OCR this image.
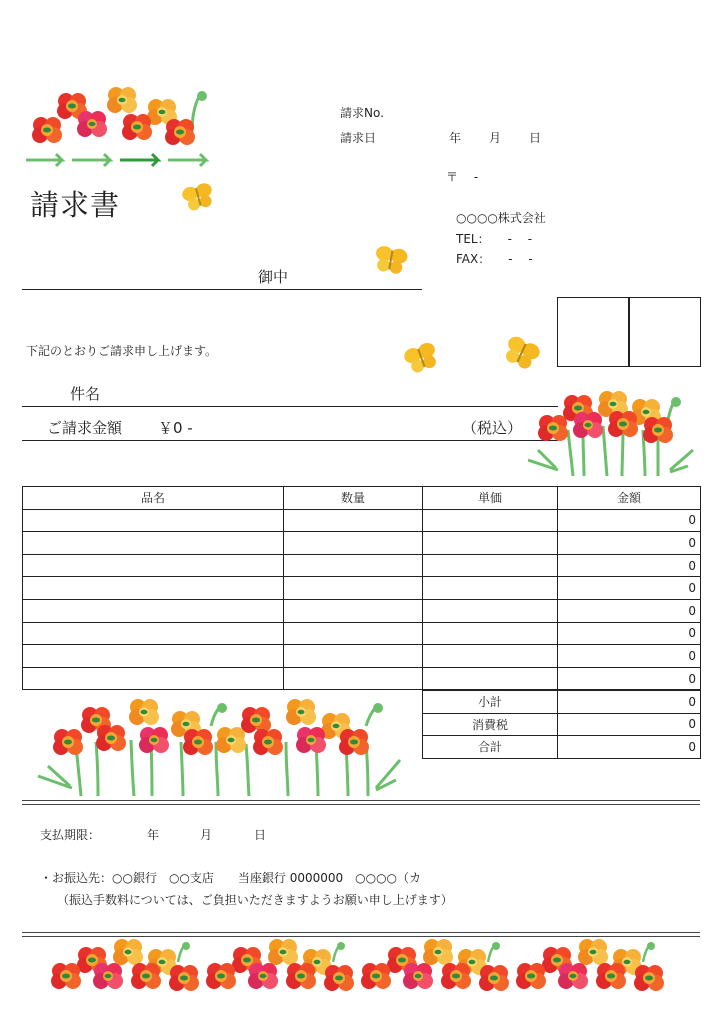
請求書
請求No.
請求日	年 月 日
〒　 -
○○○○株式会社
TEL：　　-　 -
FAX：　　-　 -
御中
下記のとおりご請求申し上げます。
件名
ご請求金額 ￥0 -	（税込）
品名	数量	単価	金額
			0
			0
			0
			0
			0
			0
			0
			0
小計	0
消費税	0
合計	0
支払期限：	年	月	日
・お振込先：○○銀行　○○支店　　当座銀行 0000000　○○○○（カ
（振込手数料については、ご負担いただきますようお願い申し上げます）
